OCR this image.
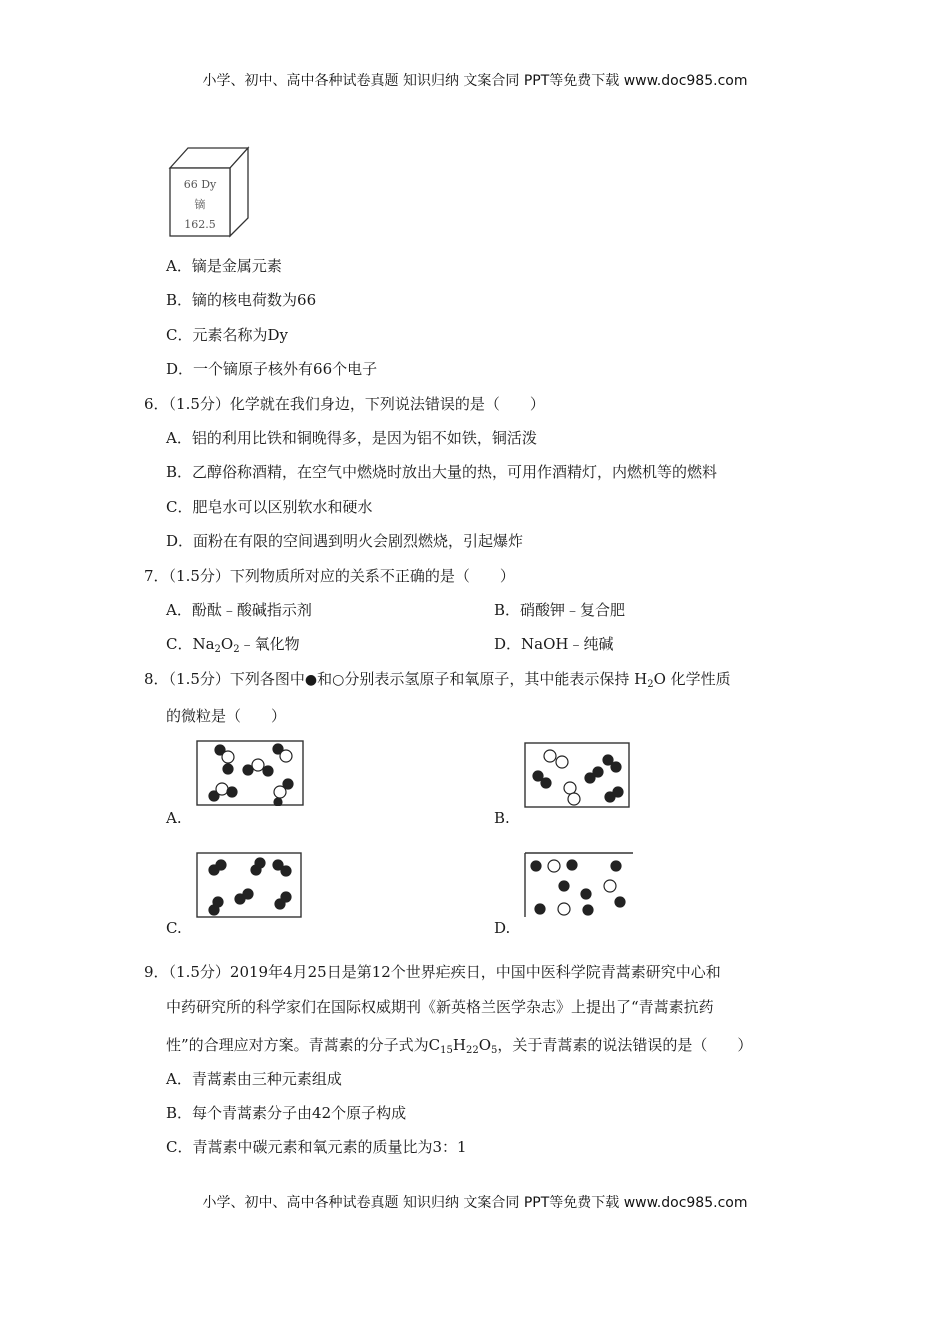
小学、初中、高中各种试卷真题 知识归纳 文案合同 PPT等免费下载 www.doc985.com
66 Dy
镝
162.5
A．镝是金属元素
B．镝的核电荷数为66
C．元素名称为Dy
D．一个镝原子核外有66个电子
6．（1.5分）化学就在我们身边，下列说法错误的是（　　）
A．铝的利用比铁和铜晚得多，是因为铝不如铁，铜活泼
B．乙醇俗称酒精，在空气中燃烧时放出大量的热，可用作酒精灯，内燃机等的燃料
C．肥皂水可以区别软水和硬水
D．面粉在有限的空间遇到明火会剧烈燃烧，引起爆炸
7．（1.5分）下列物质所对应的关系不正确的是（　　）
A．酚酞﹣酸碱指示剂	B．硝酸钾﹣复合肥
C．$Na_2O_2﹣$氧化物	D．NaOH﹣纯碱
8．（1.5分）下列各图中●和○分别表示氢原子和氧原子，其中能表示保持 $H_2O$ 化学性质
的微粒是（　　）
A.	B.
C.	D.
9．（1.5分）2019年4月25日是第12个世界疟疾日，中国中医科学院青蒿素研究中心和
中药研究所的科学家们在国际权威期刊《新英格兰医学杂志》上提出了“青蒿素抗药
性”的合理应对方案。青蒿素的分子式为$C_{15}H_{22}O_5$，关于青蒿素的说法错误的是（　　）
A．青蒿素由三种元素组成
B．每个青蒿素分子由42个原子构成
C．青蒿素中碳元素和氧元素的质量比为3：1
小学、初中、高中各种试卷真题 知识归纳 文案合同 PPT等免费下载 www.doc985.com
